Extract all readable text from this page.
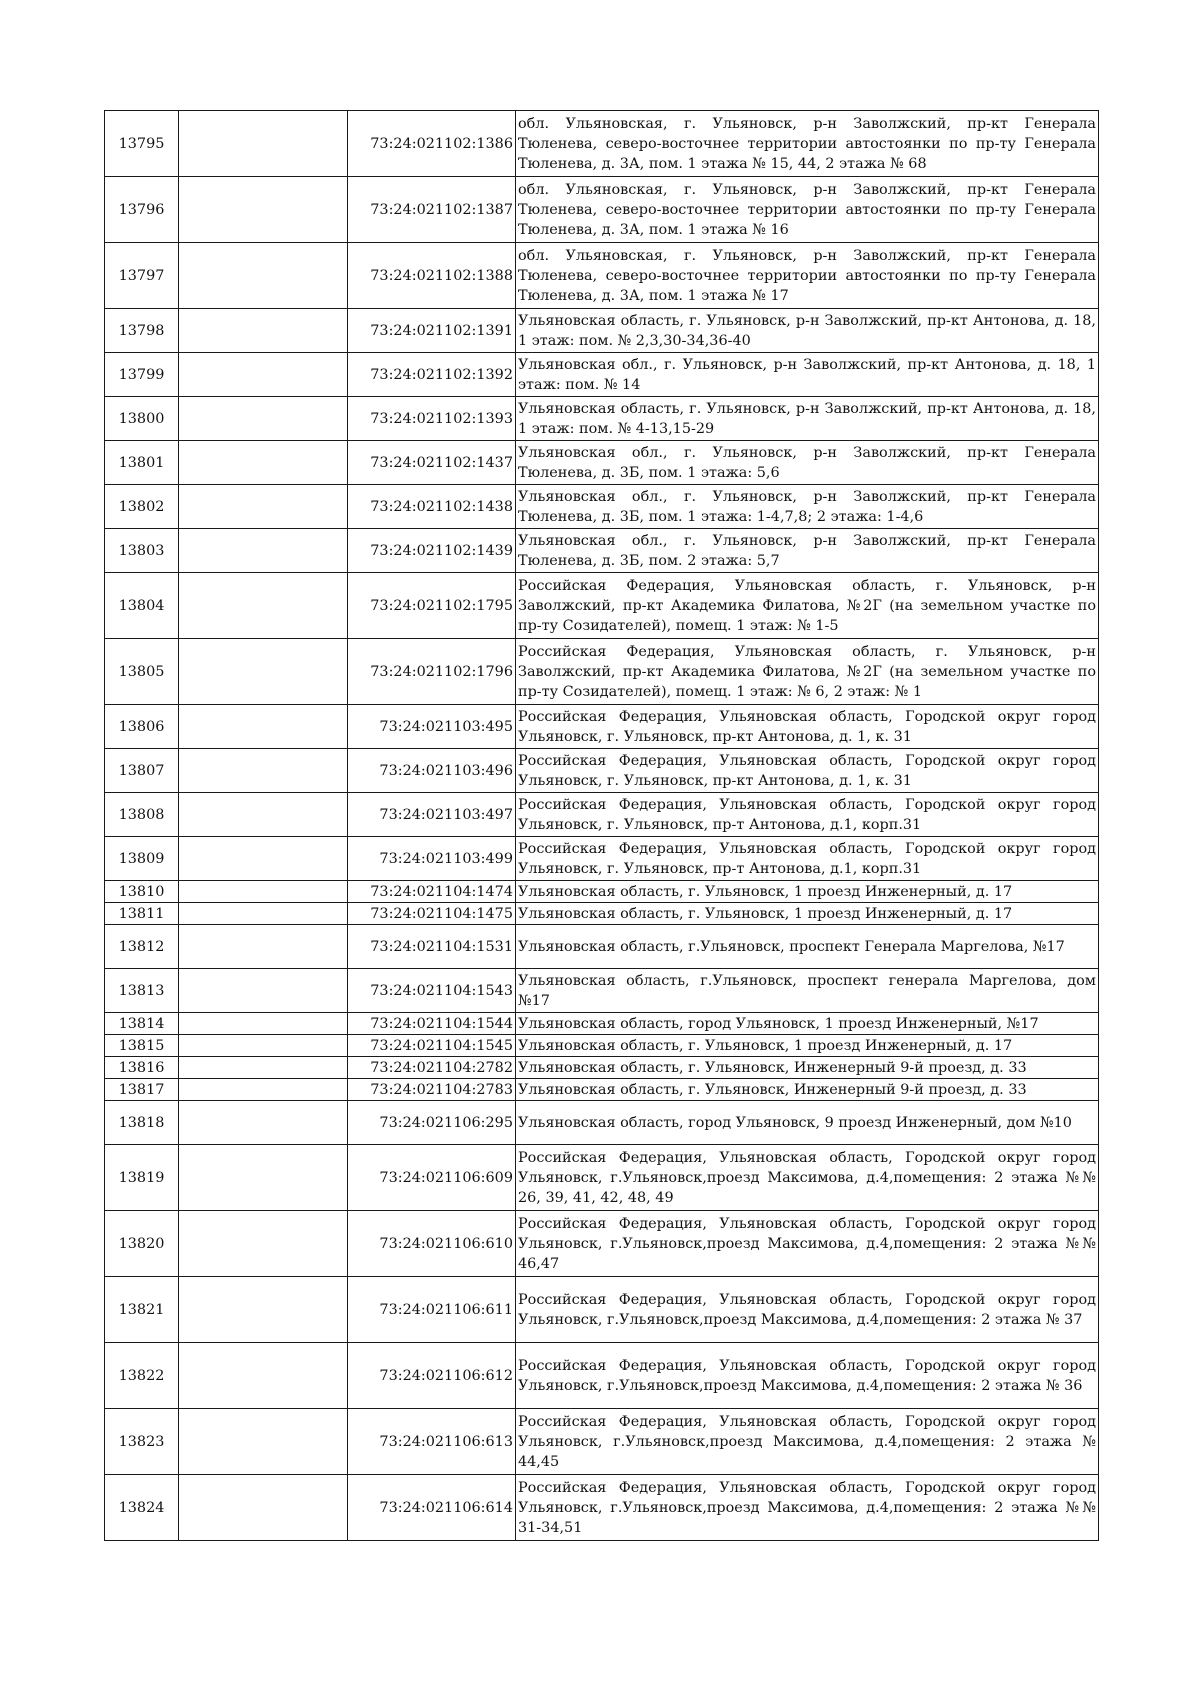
13795		73:24:021102:1386	обл. Ульяновская, г. Ульяновск, р-н Заволжский, пр-кт Генерала Тюленева, северо-восточнее территории автостоянки по пр-ту Генерала Тюленева, д. 3А, пом. 1 этажа № 15, 44, 2 этажа № 68
13796		73:24:021102:1387	обл. Ульяновская, г. Ульяновск, р-н Заволжский, пр-кт Генерала Тюленева, северо-восточнее территории автостоянки по пр-ту Генерала Тюленева, д. 3А, пом. 1 этажа № 16
13797		73:24:021102:1388	обл. Ульяновская, г. Ульяновск, р-н Заволжский, пр-кт Генерала Тюленева, северо-восточнее территории автостоянки по пр-ту Генерала Тюленева, д. 3А, пом. 1 этажа № 17
13798		73:24:021102:1391	Ульяновская область, г. Ульяновск, р-н Заволжский, пр-кт Антонова, д. 18, 1 этаж: пом. № 2,3,30-34,36-40
13799		73:24:021102:1392	Ульяновская обл., г. Ульяновск, р-н Заволжский, пр-кт Антонова, д. 18, 1 этаж: пом. № 14
13800		73:24:021102:1393	Ульяновская область, г. Ульяновск, р-н Заволжский, пр-кт Антонова, д. 18, 1 этаж: пом. № 4-13,15-29
13801		73:24:021102:1437	Ульяновская обл., г. Ульяновск, р-н Заволжский, пр-кт Генерала Тюленева, д. 3Б, пом. 1 этажа: 5,6
13802		73:24:021102:1438	Ульяновская обл., г. Ульяновск, р-н Заволжский, пр-кт Генерала Тюленева, д. 3Б, пом. 1 этажа: 1-4,7,8; 2 этажа: 1-4,6
13803		73:24:021102:1439	Ульяновская обл., г. Ульяновск, р-н Заволжский, пр-кт Генерала Тюленева, д. 3Б, пом. 2 этажа: 5,7
13804		73:24:021102:1795	Российская Федерация, Ульяновская область, г. Ульяновск, р-н Заволжский, пр-кт Академика Филатова, №2Г (на земельном участке по пр-ту Созидателей), помещ. 1 этаж: № 1-5
13805		73:24:021102:1796	Российская Федерация, Ульяновская область, г. Ульяновск, р-н Заволжский, пр-кт Академика Филатова, №2Г (на земельном участке по пр-ту Созидателей), помещ. 1 этаж: № 6, 2 этаж: № 1
13806		73:24:021103:495	Российская Федерация, Ульяновская область, Городской округ город Ульяновск, г. Ульяновск, пр-кт Антонова, д. 1, к. 31
13807		73:24:021103:496	Российская Федерация, Ульяновская область, Городской округ город Ульяновск, г. Ульяновск, пр-кт Антонова, д. 1, к. 31
13808		73:24:021103:497	Российская Федерация, Ульяновская область, Городской округ город Ульяновск, г. Ульяновск, пр-т Антонова, д.1, корп.31
13809		73:24:021103:499	Российская Федерация, Ульяновская область, Городской округ город Ульяновск, г. Ульяновск, пр-т Антонова, д.1, корп.31
13810		73:24:021104:1474	Ульяновская область, г. Ульяновск, 1 проезд Инженерный, д. 17
13811		73:24:021104:1475	Ульяновская область, г. Ульяновск, 1 проезд Инженерный, д. 17
13812		73:24:021104:1531	Ульяновская область, г.Ульяновск, проспект Генерала Маргелова, №17
13813		73:24:021104:1543	Ульяновская область, г.Ульяновск, проспект генерала Маргелова, дом №17
13814		73:24:021104:1544	Ульяновская область, город Ульяновск, 1 проезд Инженерный, №17
13815		73:24:021104:1545	Ульяновская область, г. Ульяновск, 1 проезд Инженерный, д. 17
13816		73:24:021104:2782	Ульяновская область, г. Ульяновск, Инженерный 9-й проезд, д. 33
13817		73:24:021104:2783	Ульяновская область, г. Ульяновск, Инженерный 9-й проезд, д. 33
13818		73:24:021106:295	Ульяновская область, город Ульяновск, 9 проезд Инженерный, дом №10
13819		73:24:021106:609	Российская Федерация, Ульяновская область, Городской округ город Ульяновск, г.Ульяновск,проезд Максимова, д.4,помещения: 2 этажа №№ 26, 39, 41, 42, 48, 49
13820		73:24:021106:610	Российская Федерация, Ульяновская область, Городской округ город Ульяновск, г.Ульяновск,проезд Максимова, д.4,помещения: 2 этажа №№ 46,47
13821		73:24:021106:611	Российская Федерация, Ульяновская область, Городской округ город Ульяновск, г.Ульяновск,проезд Максимова, д.4,помещения: 2 этажа № 37
13822		73:24:021106:612	Российская Федерация, Ульяновская область, Городской округ город Ульяновск, г.Ульяновск,проезд Максимова, д.4,помещения: 2 этажа № 36
13823		73:24:021106:613	Российская Федерация, Ульяновская область, Городской округ город Ульяновск, г.Ульяновск,проезд Максимова, д.4,помещения: 2 этажа № 44,45
13824		73:24:021106:614	Российская Федерация, Ульяновская область, Городской округ город Ульяновск, г.Ульяновск,проезд Максимова, д.4,помещения: 2 этажа №№ 31-34,51
